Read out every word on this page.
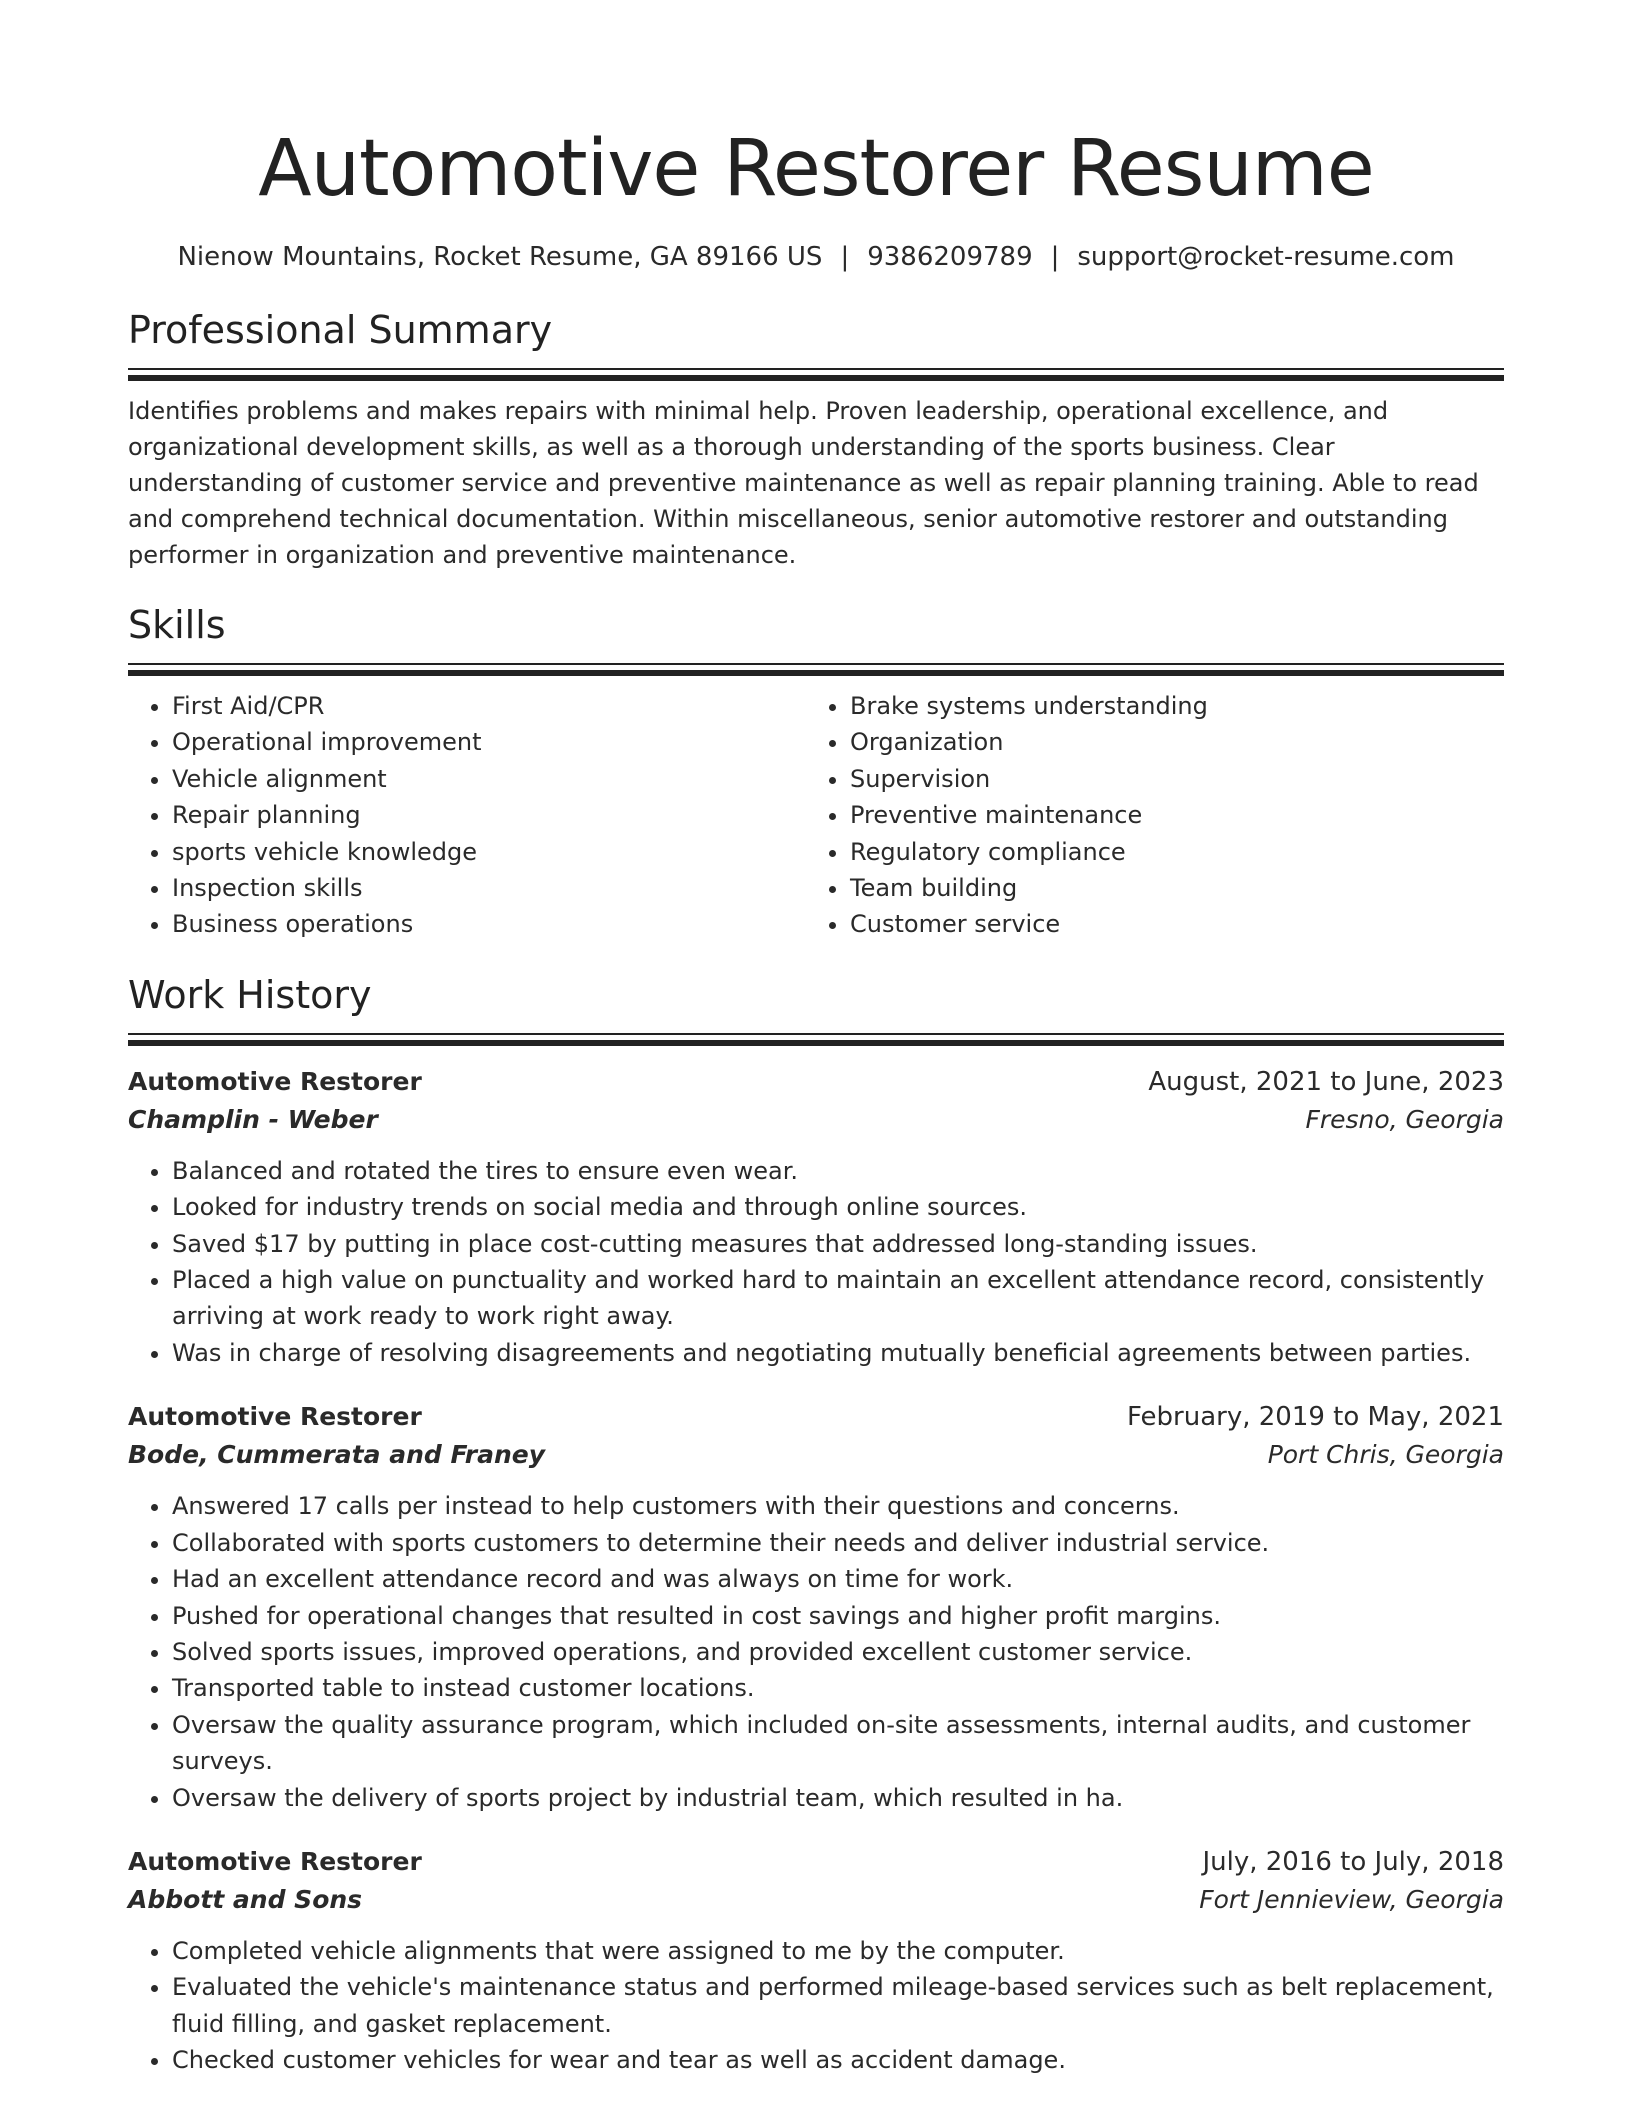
Automotive Restorer Resume
Nienow Mountains, Rocket Resume, GA 89166 US | 9386209789 | support@rocket-resume.com
Professional Summary

Identifies problems and makes repairs with minimal help. Proven leadership, operational excellence, and organizational development skills, as well as a thorough understanding of the sports business. Clear understanding of customer service and preventive maintenance as well as repair planning training. Able to read and comprehend technical documentation. Within miscellaneous, senior automotive restorer and outstanding performer in organization and preventive maintenance.

Skills
• First Aid/CPR
• Operational improvement
• Vehicle alignment
• Repair planning
• sports vehicle knowledge
• Inspection skills
• Business operations
• Brake systems understanding
• Organization
• Supervision
• Preventive maintenance
• Regulatory compliance
• Team building
• Customer service
Work History
Automotive Restorer	August, 2021 to June, 2023
Champlin - Weber	Fresno, Georgia
• Balanced and rotated the tires to ensure even wear.
• Looked for industry trends on social media and through online sources.
• Saved $17 by putting in place cost-cutting measures that addressed long-standing issues.
• Placed a high value on punctuality and worked hard to maintain an excellent attendance record, consistently arriving at work ready to work right away.
• Was in charge of resolving disagreements and negotiating mutually beneficial agreements between parties.
Automotive Restorer	February, 2019 to May, 2021
Bode, Cummerata and Franey	Port Chris, Georgia
• Answered 17 calls per instead to help customers with their questions and concerns.
• Collaborated with sports customers to determine their needs and deliver industrial service.
• Had an excellent attendance record and was always on time for work.
• Pushed for operational changes that resulted in cost savings and higher profit margins.
• Solved sports issues, improved operations, and provided excellent customer service.
• Transported table to instead customer locations.
• Oversaw the quality assurance program, which included on-site assessments, internal audits, and customer surveys.
• Oversaw the delivery of sports project by industrial team, which resulted in ha.
Automotive Restorer	July, 2016 to July, 2018
Abbott and Sons	Fort Jennieview, Georgia
• Completed vehicle alignments that were assigned to me by the computer.
• Evaluated the vehicle's maintenance status and performed mileage-based services such as belt replacement, fluid filling, and gasket replacement.
• Checked customer vehicles for wear and tear as well as accident damage.
